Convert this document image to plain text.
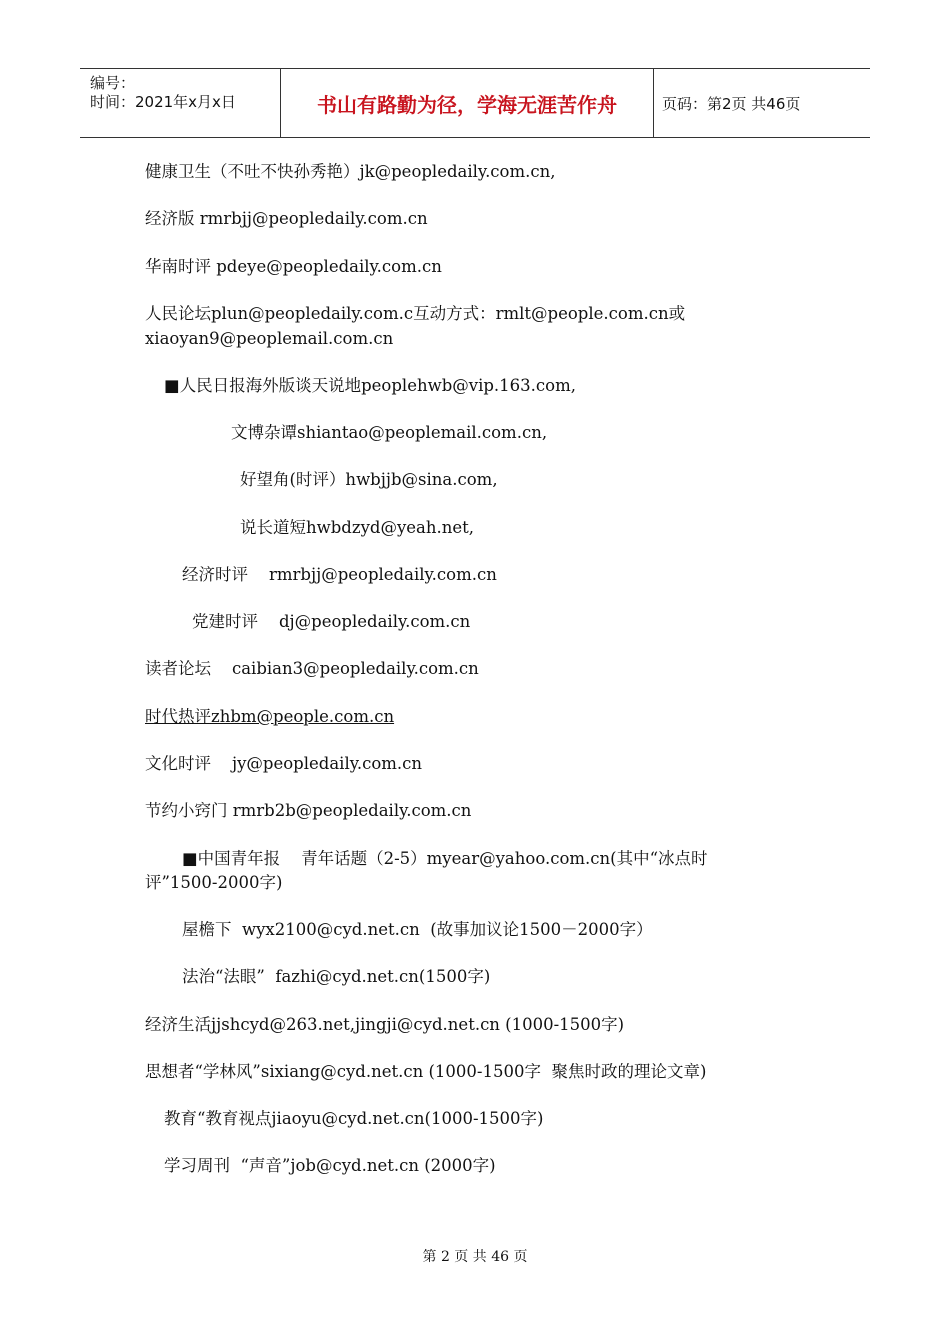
编号：
时间：2021年x月x日	书山有路勤为径，学海无涯苦作舟	页码：第2页 共46页
健康卫生（不吐不快孙秀艳）jk@peopledaily.com.cn,
经济版 rmrbjj@peopledaily.com.cn
华南时评 pdeye@peopledaily.com.cn
人民论坛plun@peopledaily.com.c互动方式：rmlt@people.com.cn或
xiaoyan9@peoplemail.com.cn
■人民日报海外版谈天说地peoplehwb@vip.163.com,
文博杂谭shiantao@peoplemail.com.cn,
好望角(时评）hwbjjb@sina.com,
说长道短hwbdzyd@yeah.net,
经济时评    rmrbjj@peopledaily.com.cn
党建时评    dj@peopledaily.com.cn
读者论坛    caibian3@peopledaily.com.cn
时代热评zhbm@people.com.cn
文化时评    jy@peopledaily.com.cn
节约小窍门 rmrb2b@peopledaily.com.cn
■中国青年报    青年话题（2-5）myear@yahoo.com.cn(其中“冰点时
评”1500-2000字)
屋檐下  wyx2100@cyd.net.cn  (故事加议论1500－2000字）
法治“法眼”  fazhi@cyd.net.cn(1500字)
经济生活jjshcyd@263.net,jingji@cyd.net.cn (1000-1500字)
思想者“学林风”sixiang@cyd.net.cn (1000-1500字  聚焦时政的理论文章)
教育“教育视点jiaoyu@cyd.net.cn(1000-1500字)
学习周刊  “声音”job@cyd.net.cn (2000字)
第 2 页 共 46 页
